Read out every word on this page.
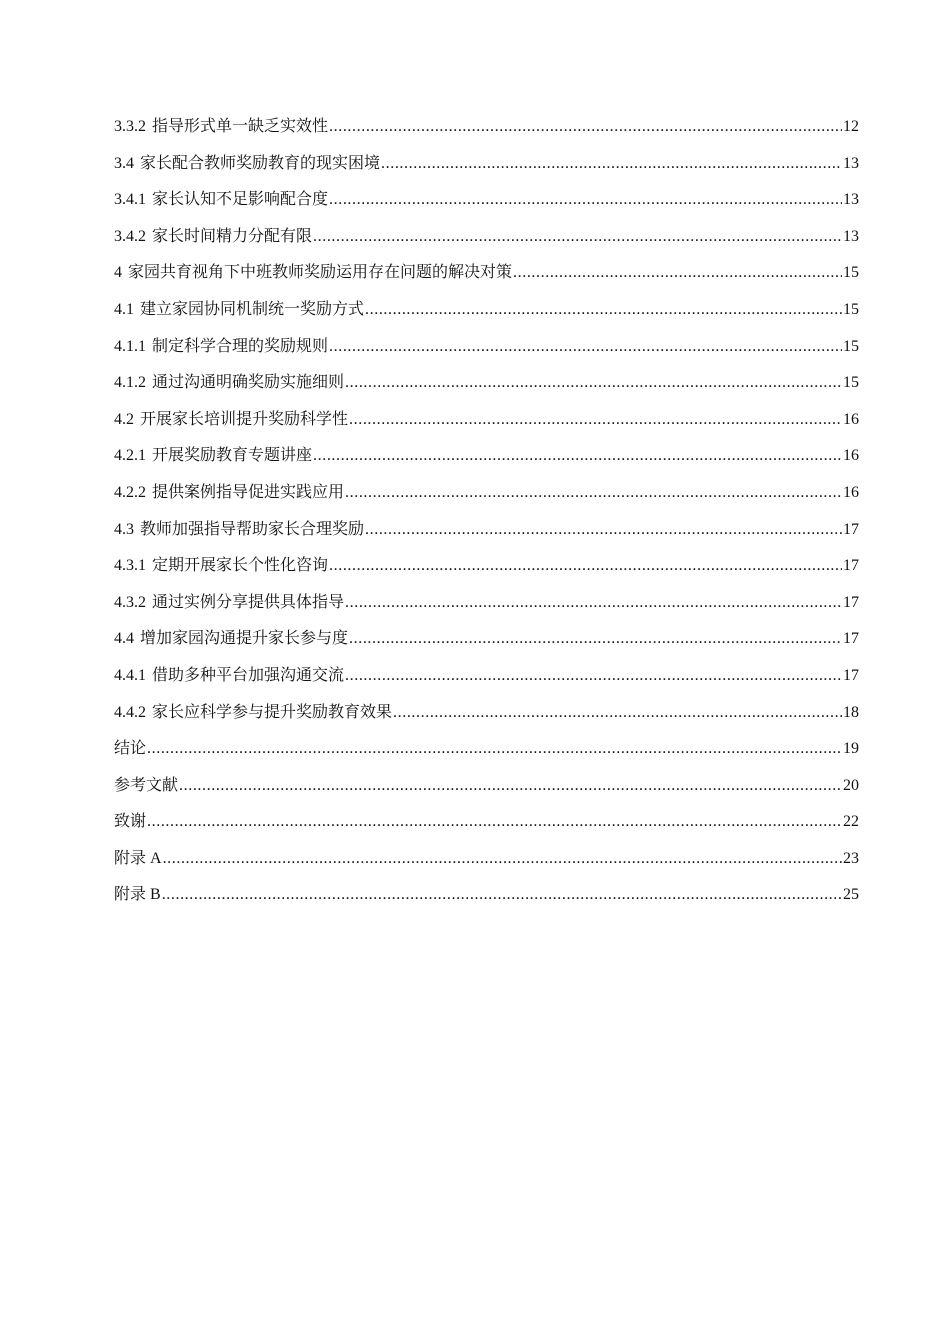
3.3.2 指导形式单一缺乏实效性 .....	12
3.4 家长配合教师奖励教育的现实困境 .....	13
3.4.1 家长认知不足影响配合度 .....	13
3.4.2 家长时间精力分配有限 .....	13
4 家园共育视角下中班教师奖励运用存在问题的解决对策 .....	15
4.1 建立家园协同机制统一奖励方式 .....	15
4.1.1 制定科学合理的奖励规则 .....	15
4.1.2 通过沟通明确奖励实施细则 .....	15
4.2 开展家长培训提升奖励科学性 .....	16
4.2.1 开展奖励教育专题讲座 .....	16
4.2.2 提供案例指导促进实践应用 .....	16
4.3 教师加强指导帮助家长合理奖励 .....	17
4.3.1 定期开展家长个性化咨询 .....	17
4.3.2 通过实例分享提供具体指导 .....	17
4.4 增加家园沟通提升家长参与度 .....	17
4.4.1 借助多种平台加强沟通交流 .....	17
4.4.2 家长应科学参与提升奖励教育效果 .....	18
结论 .....	19
参考文献 .....	20
致谢 .....	22
附录 A .....	23
附录 B .....	25
